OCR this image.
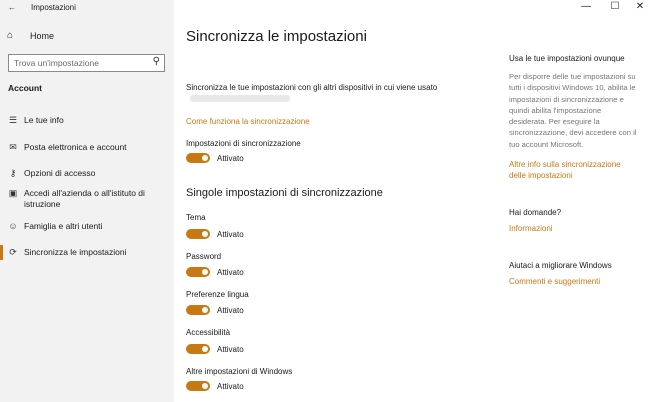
← Impostazioni
⌂	Home
Trova un'impostazione	⚲
Account
☰ Le tue info
✉ Posta elettronica e account
⚷ Opzioni di accesso
▣ Accedi all'azienda o all'istituto di istruzione
☺ Famiglia e altri utenti
⟳ Sincronizza le impostazioni
— ☐ ✕
Sincronizza le impostazioni
Sincronizza le tue impostazioni con gli altri dispositivi in cui viene usato
Come funziona la sincronizzazione
Impostazioni di sincronizzazione
Attivato
Singole impostazioni di sincronizzazione
Tema
Attivato
Password
Attivato
Preferenze lingua
Attivato
Accessibilità
Attivato
Altre impostazioni di Windows
Attivato
Usa le tue impostazioni ovunque
Per disporre delle tue impostazioni su tutti i dispositivi Windows 10, abilita le impostazioni di sincronizzazione e quindi abilita l'impostazione desiderata. Per eseguire la sincronizzazione, devi accedere con il tuo account Microsoft.
Altre info sulla sincronizzazione delle impostazioni
Hai domande?
Informazioni
Aiutaci a migliorare Windows
Commenti e suggerimenti
